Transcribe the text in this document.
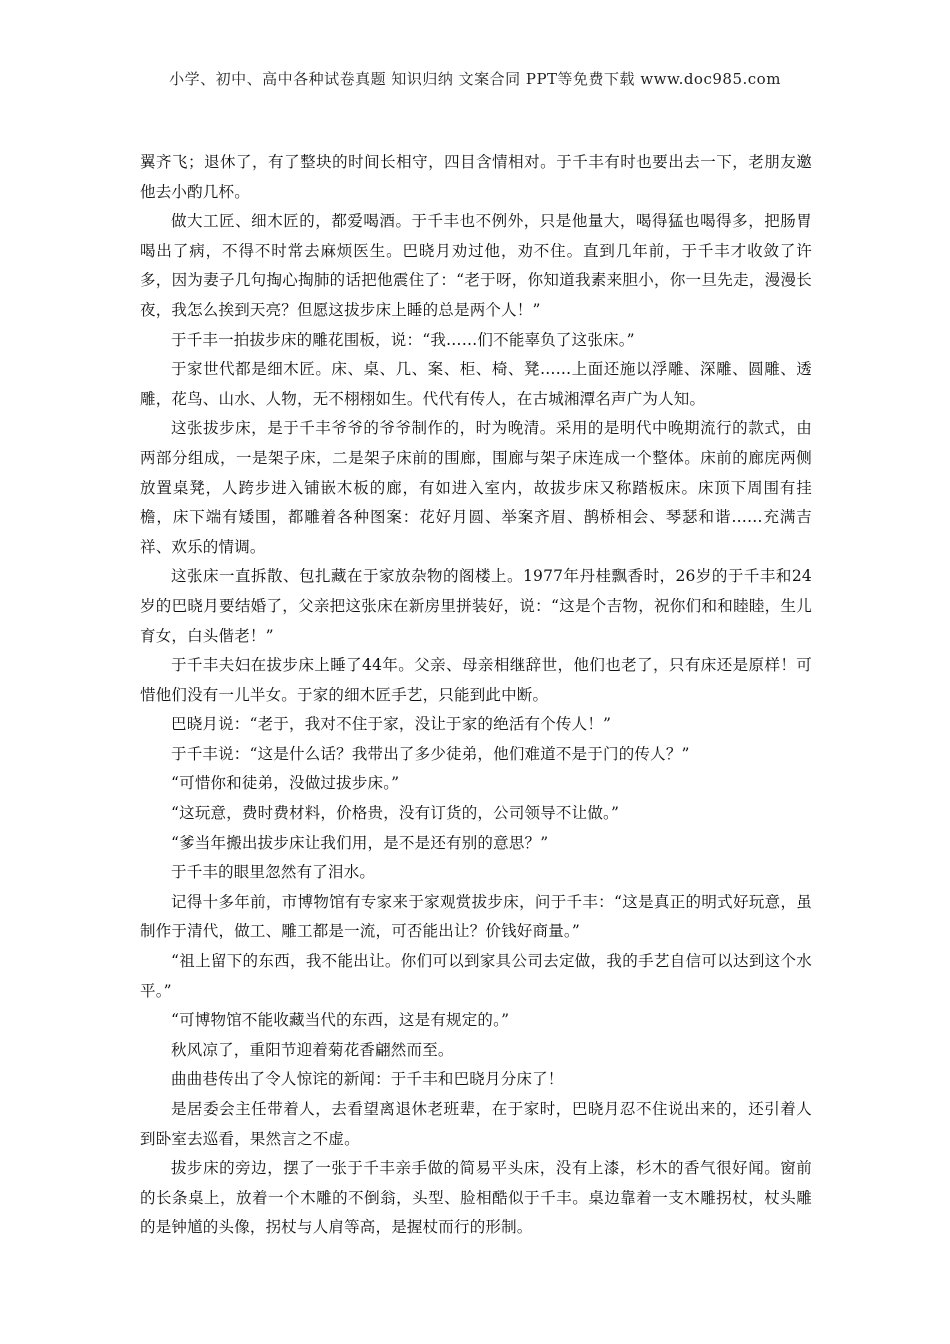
小学、初中、高中各种试卷真题 知识归纳 文案合同 PPT等免费下载 www.doc985.com

翼齐飞；退休了，有了整块的时间长相守，四目含情相对。于千丰有时也要出去一下，老朋友邀他去小酌几杯。

做大工匠、细木匠的，都爱喝酒。于千丰也不例外，只是他量大，喝得猛也喝得多，把肠胃喝出了病，不得不时常去麻烦医生。巴晓月劝过他，劝不住。直到几年前，于千丰才收敛了许多，因为妻子几句掏心掏肺的话把他震住了：“老于呀，你知道我素来胆小，你一旦先走，漫漫长夜，我怎么挨到天亮？但愿这拔步床上睡的总是两个人！”

于千丰一拍拔步床的雕花围板，说：“我……们不能辜负了这张床。”

于家世代都是细木匠。床、桌、几、案、柜、椅、凳……上面还施以浮雕、深雕、圆雕、透雕，花鸟、山水、人物，无不栩栩如生。代代有传人，在古城湘潭名声广为人知。

这张拔步床，是于千丰爷爷的爷爷制作的，时为晚清。采用的是明代中晚期流行的款式，由两部分组成，一是架子床，二是架子床前的围廊，围廊与架子床连成一个整体。床前的廊庑两侧放置桌凳，人跨步进入铺嵌木板的廊，有如进入室内，故拔步床又称踏板床。床顶下周围有挂檐，床下端有矮围，都雕着各种图案：花好月圆、举案齐眉、鹊桥相会、琴瑟和谐……充满吉祥、欢乐的情调。

这张床一直拆散、包扎藏在于家放杂物的阁楼上。1977年丹桂飘香时，26岁的于千丰和24岁的巴晓月要结婚了，父亲把这张床在新房里拼装好，说：“这是个吉物，祝你们和和睦睦，生儿育女，白头偕老！”

于千丰夫妇在拔步床上睡了44年。父亲、母亲相继辞世，他们也老了，只有床还是原样！可惜他们没有一儿半女。于家的细木匠手艺，只能到此中断。

巴晓月说：“老于，我对不住于家，没让于家的绝活有个传人！”

于千丰说：“这是什么话？我带出了多少徒弟，他们难道不是于门的传人？”

“可惜你和徒弟，没做过拔步床。”

“这玩意，费时费材料，价格贵，没有订货的，公司领导不让做。”

“爹当年搬出拔步床让我们用，是不是还有别的意思？”

于千丰的眼里忽然有了泪水。

记得十多年前，市博物馆有专家来于家观赏拔步床，问于千丰：“这是真正的明式好玩意，虽制作于清代，做工、雕工都是一流，可否能出让？价钱好商量。”

“祖上留下的东西，我不能出让。你们可以到家具公司去定做，我的手艺自信可以达到这个水平。”

“可博物馆不能收藏当代的东西，这是有规定的。”

秋风凉了，重阳节迎着菊花香翩然而至。

曲曲巷传出了令人惊诧的新闻：于千丰和巴晓月分床了！

是居委会主任带着人，去看望离退休老班辈，在于家时，巴晓月忍不住说出来的，还引着人到卧室去巡看，果然言之不虚。

拔步床的旁边，摆了一张于千丰亲手做的简易平头床，没有上漆，杉木的香气很好闻。窗前的长条桌上，放着一个木雕的不倒翁，头型、脸相酷似于千丰。桌边靠着一支木雕拐杖，杖头雕的是钟馗的头像，拐杖与人肩等高，是握杖而行的形制。
